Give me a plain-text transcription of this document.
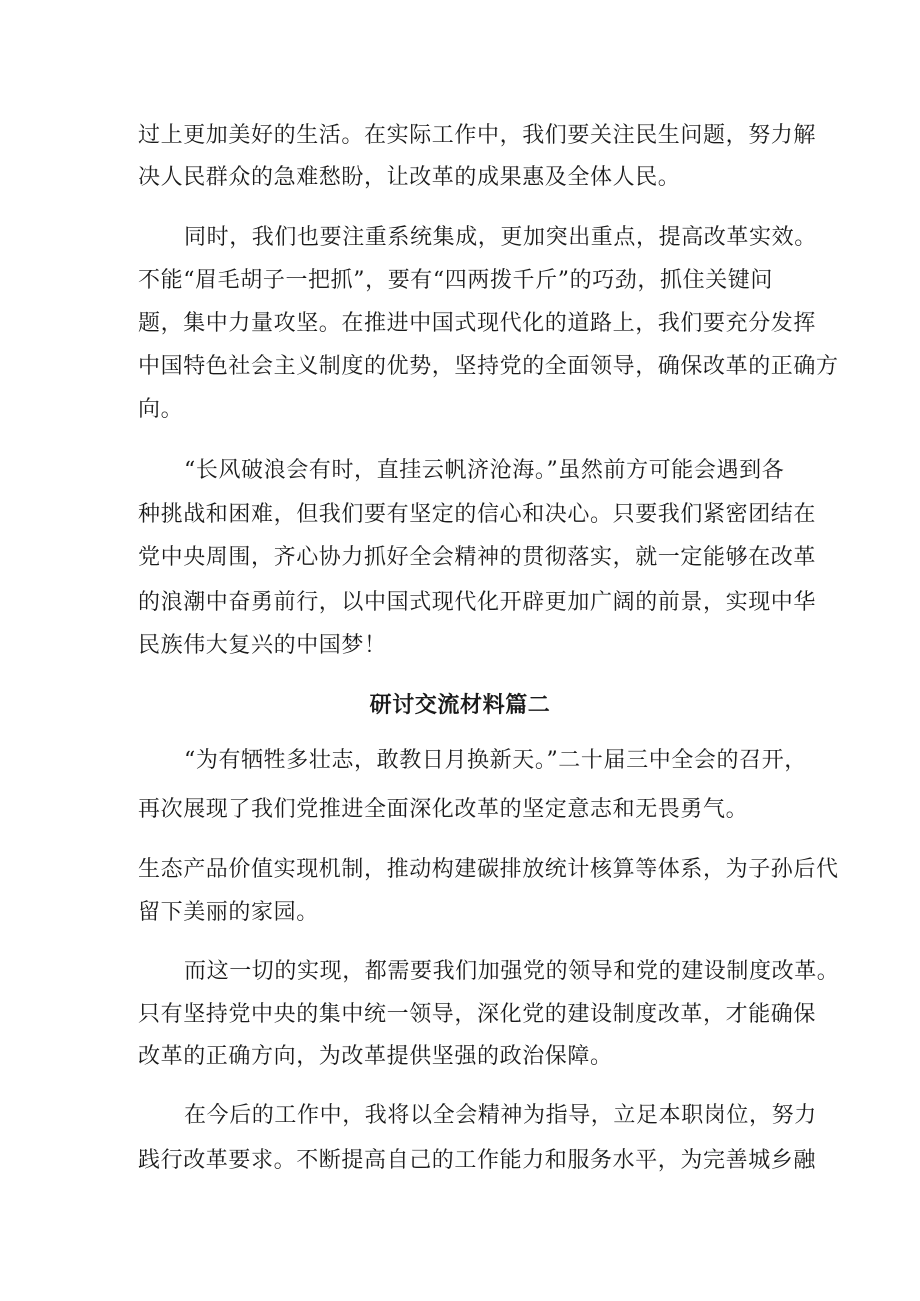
过上更加美好的生活。在实际工作中，我们要关注民生问题，努力解
决人民群众的急难愁盼，让改革的成果惠及全体人民。
同时，我们也要注重系统集成，更加突出重点，提高改革实效。
不能“眉毛胡子一把抓”，要有“四两拨千斤”的巧劲，抓住关键问
题，集中力量攻坚。在推进中国式现代化的道路上，我们要充分发挥
中国特色社会主义制度的优势，坚持党的全面领导，确保改革的正确方
向。
“长风破浪会有时，直挂云帆济沧海。”虽然前方可能会遇到各
种挑战和困难，但我们要有坚定的信心和决心。只要我们紧密团结在
党中央周围，齐心协力抓好全会精神的贯彻落实，就一定能够在改革
的浪潮中奋勇前行，以中国式现代化开辟更加广阔的前景，实现中华
民族伟大复兴的中国梦！
研讨交流材料篇二
“为有牺牲多壮志，敢教日月换新天。”二十届三中全会的召开，
再次展现了我们党推进全面深化改革的坚定意志和无畏勇气。
生态产品价值实现机制，推动构建碳排放统计核算等体系，为子孙后代
留下美丽的家园。
而这一切的实现，都需要我们加强党的领导和党的建设制度改革。
只有坚持党中央的集中统一领导，深化党的建设制度改革，才能确保
改革的正确方向，为改革提供坚强的政治保障。
在今后的工作中，我将以全会精神为指导，立足本职岗位，努力
践行改革要求。不断提高自己的工作能力和服务水平，为完善城乡融
